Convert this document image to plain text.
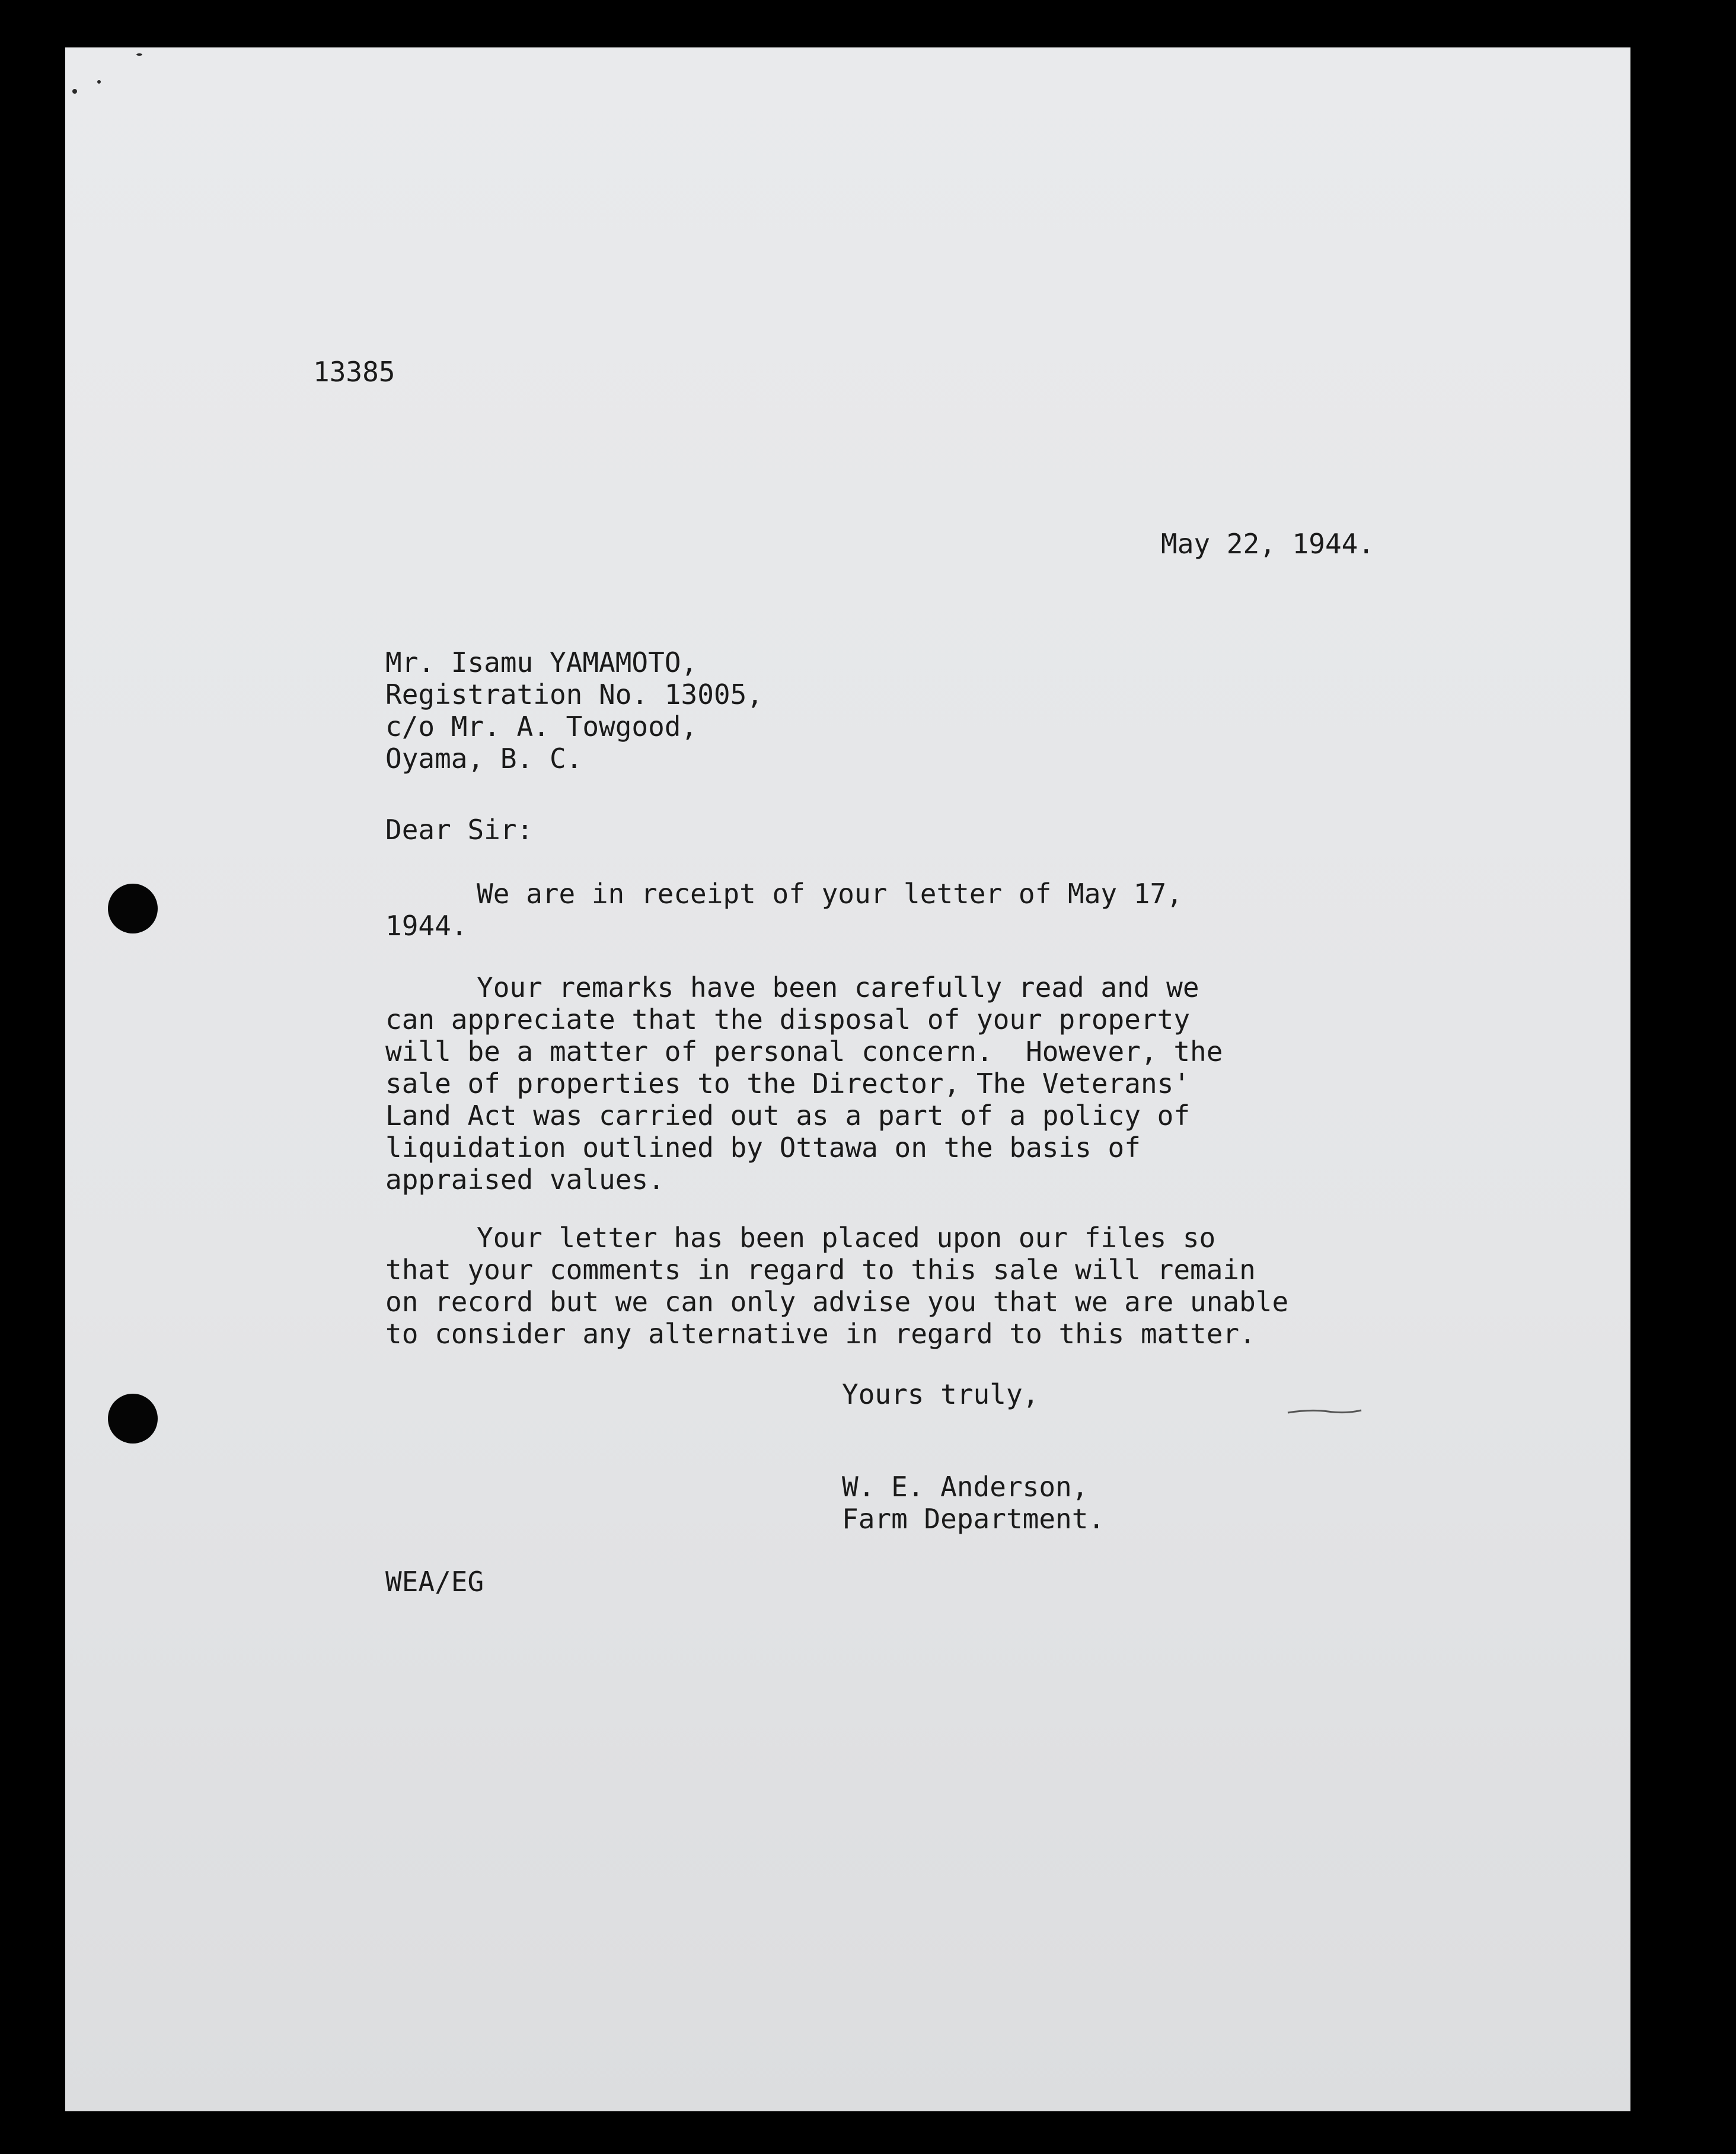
13385
May 22, 1944.
Mr. Isamu YAMAMOTO,
Registration No. 13005,
c/o Mr. A. Towgood,
Oyama, B. C.
Dear Sir:
We are in receipt of your letter of May 17,
1944.
Your remarks have been carefully read and we
can appreciate that the disposal of your property
will be a matter of personal concern.  However, the
sale of properties to the Director, The Veterans'
Land Act was carried out as a part of a policy of
liquidation outlined by Ottawa on the basis of
appraised values.
Your letter has been placed upon our files so
that your comments in regard to this sale will remain
on record but we can only advise you that we are unable
to consider any alternative in regard to this matter.
Yours truly,
W. E. Anderson,
Farm Department.
WEA/EG
